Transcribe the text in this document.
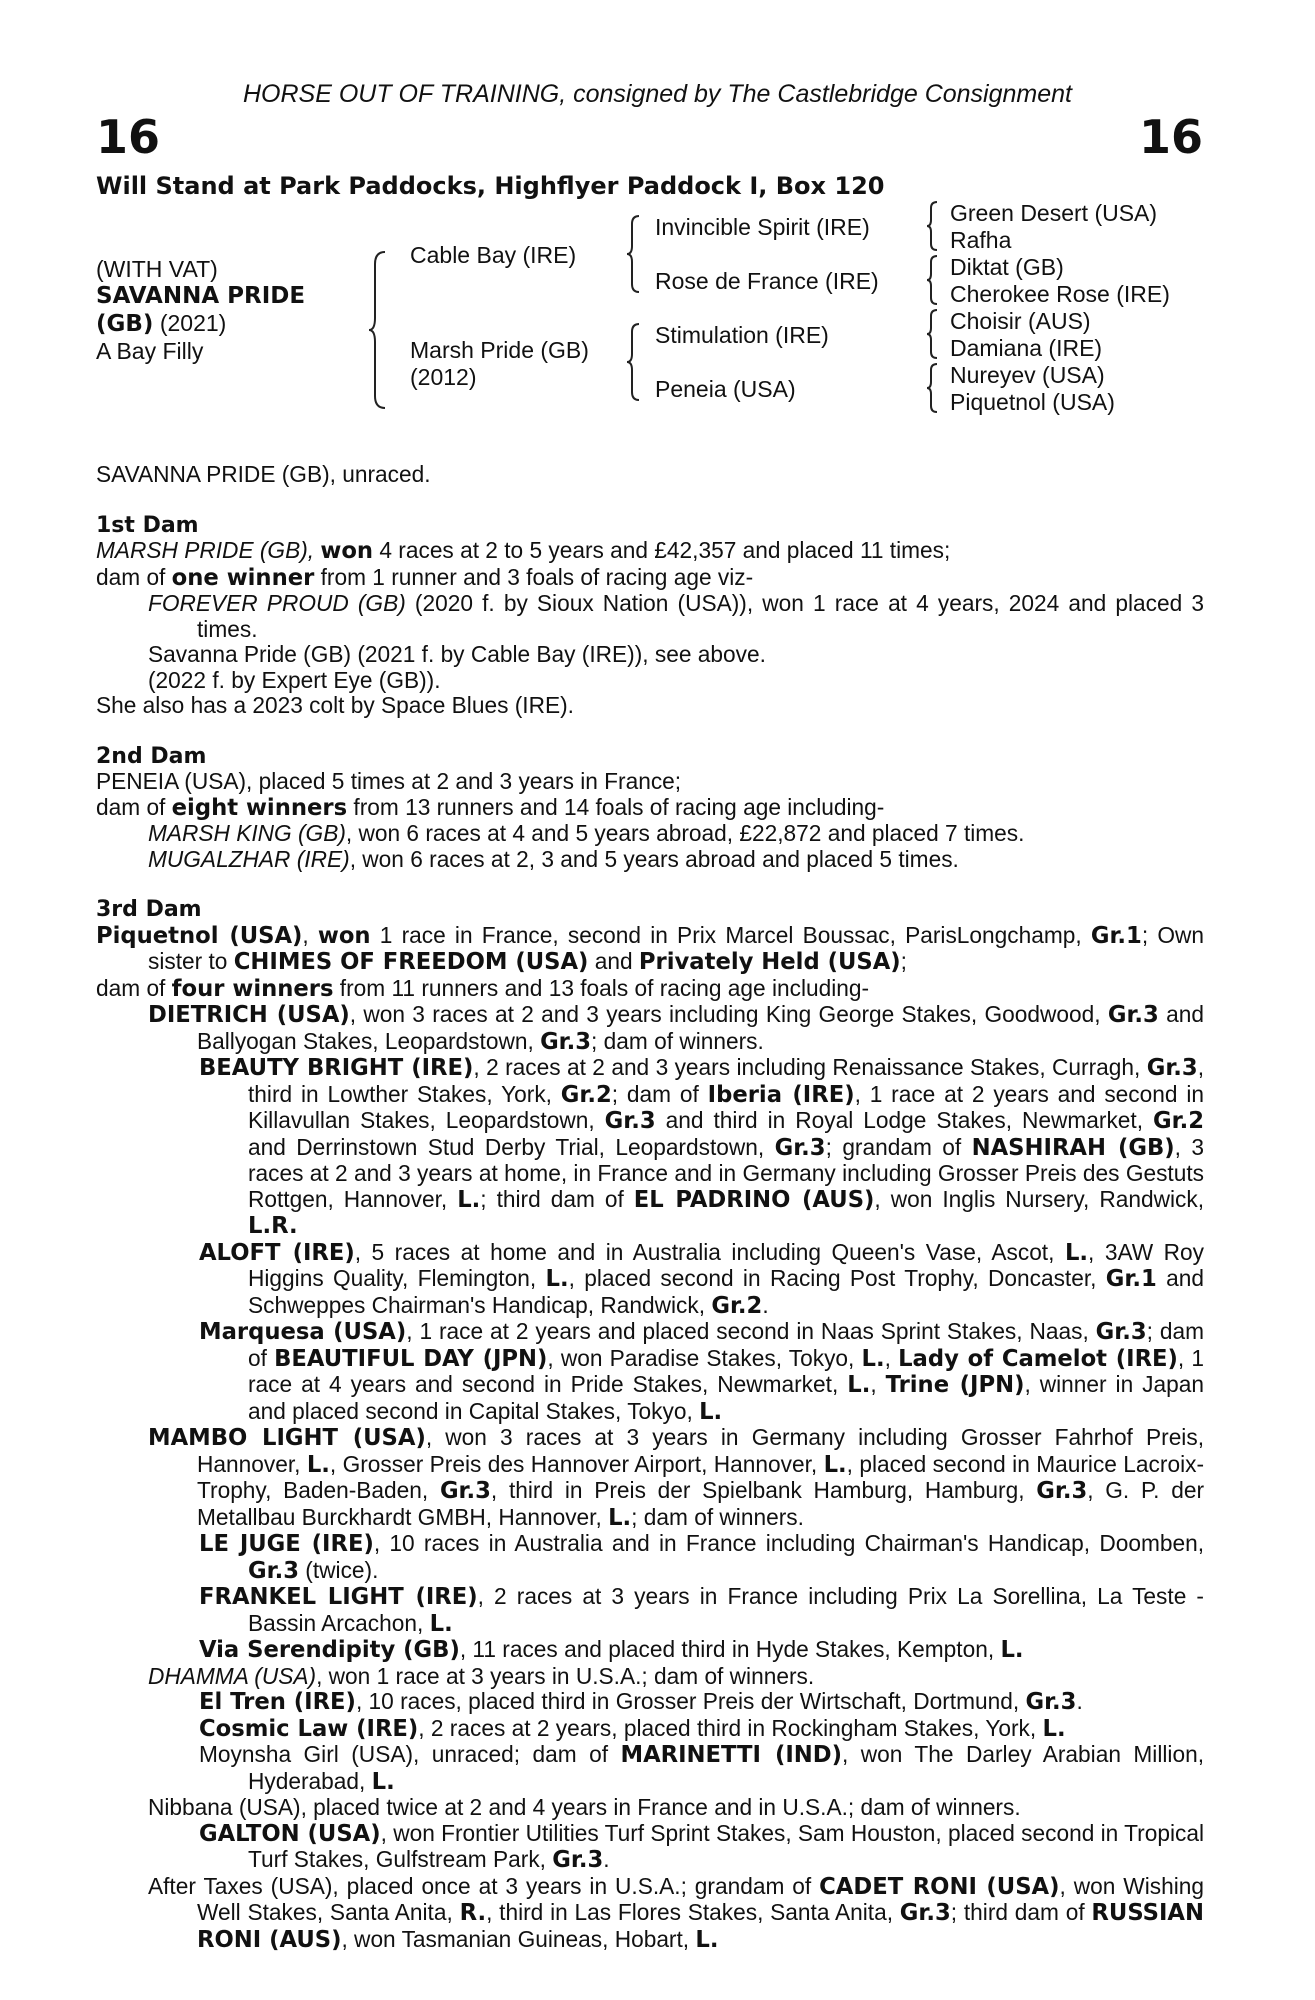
HORSE OUT OF TRAINING, consigned by The Castlebridge Consignment
16	16
Will Stand at Park Paddocks, Highflyer Paddock I, Box 120
(WITH VAT)
SAVANNA PRIDE
(GB) (2021)
A Bay Filly
Cable Bay (IRE)
Marsh Pride (GB)
(2012)
Invincible Spirit (IRE)
Rose de France (IRE)
Stimulation (IRE)
Peneia (USA)
Green Desert (USA)
Rafha
Diktat (GB)
Cherokee Rose (IRE)
Choisir (AUS)
Damiana (IRE)
Nureyev (USA)
Piquetnol (USA)

SAVANNA PRIDE (GB), unraced.

1st Dam

MARSH PRIDE (GB), won 4 races at 2 to 5 years and £42,357 and placed 11 times;

dam of one winner from 1 runner and 3 foals of racing age viz-

FOREVER PROUD (GB) (2020 f. by Sioux Nation (USA)), won 1 race at 4 years, 2024 and placed 3 times.

Savanna Pride (GB) (2021 f. by Cable Bay (IRE)), see above.

(2022 f. by Expert Eye (GB)).

She also has a 2023 colt by Space Blues (IRE).

2nd Dam

PENEIA (USA), placed 5 times at 2 and 3 years in France;

dam of eight winners from 13 runners and 14 foals of racing age including-

MARSH KING (GB), won 6 races at 4 and 5 years abroad, £22,872 and placed 7 times.

MUGALZHAR (IRE), won 6 races at 2, 3 and 5 years abroad and placed 5 times.

3rd Dam

Piquetnol (USA), won 1 race in France, second in Prix Marcel Boussac, ParisLongchamp, Gr.1; Own sister to CHIMES OF FREEDOM (USA) and Privately Held (USA);

dam of four winners from 11 runners and 13 foals of racing age including-

DIETRICH (USA), won 3 races at 2 and 3 years including King George Stakes, Goodwood, Gr.3 and Ballyogan Stakes, Leopardstown, Gr.3; dam of winners.

BEAUTY BRIGHT (IRE), 2 races at 2 and 3 years including Renaissance Stakes, Curragh, Gr.3, third in Lowther Stakes, York, Gr.2; dam of Iberia (IRE), 1 race at 2 years and second in Killavullan Stakes, Leopardstown, Gr.3 and third in Royal Lodge Stakes, Newmarket, Gr.2 and Derrinstown Stud Derby Trial, Leopardstown, Gr.3; grandam of NASHIRAH (GB), 3 races at 2 and 3 years at home, in France and in Germany including Grosser Preis des Gestuts Rottgen, Hannover, L.; third dam of EL PADRINO (AUS), won Inglis Nursery, Randwick, L.R.

ALOFT (IRE), 5 races at home and in Australia including Queen's Vase, Ascot, L., 3AW Roy Higgins Quality, Flemington, L., placed second in Racing Post Trophy, Doncaster, Gr.1 and Schweppes Chairman's Handicap, Randwick, Gr.2.

Marquesa (USA), 1 race at 2 years and placed second in Naas Sprint Stakes, Naas, Gr.3; dam of BEAUTIFUL DAY (JPN), won Paradise Stakes, Tokyo, L., Lady of Camelot (IRE), 1 race at 4 years and second in Pride Stakes, Newmarket, L., Trine (JPN), winner in Japan and placed second in Capital Stakes, Tokyo, L.

MAMBO LIGHT (USA), won 3 races at 3 years in Germany including Grosser Fahrhof Preis, Hannover, L., Grosser Preis des Hannover Airport, Hannover, L., placed second in Maurice Lacroix-Trophy, Baden-Baden, Gr.3, third in Preis der Spielbank Hamburg, Hamburg, Gr.3, G. P. der Metallbau Burckhardt GMBH, Hannover, L.; dam of winners.

LE JUGE (IRE), 10 races in Australia and in France including Chairman's Handicap, Doomben, Gr.3 (twice).

FRANKEL LIGHT (IRE), 2 races at 3 years in France including Prix La Sorellina, La Teste - Bassin Arcachon, L.

Via Serendipity (GB), 11 races and placed third in Hyde Stakes, Kempton, L.

DHAMMA (USA), won 1 race at 3 years in U.S.A.; dam of winners.

El Tren (IRE), 10 races, placed third in Grosser Preis der Wirtschaft, Dortmund, Gr.3.

Cosmic Law (IRE), 2 races at 2 years, placed third in Rockingham Stakes, York, L.

Moynsha Girl (USA), unraced; dam of MARINETTI (IND), won The Darley Arabian Million, Hyderabad, L.

Nibbana (USA), placed twice at 2 and 4 years in France and in U.S.A.; dam of winners.

GALTON (USA), won Frontier Utilities Turf Sprint Stakes, Sam Houston, placed second in Tropical Turf Stakes, Gulfstream Park, Gr.3.

After Taxes (USA), placed once at 3 years in U.S.A.; grandam of CADET RONI (USA), won Wishing Well Stakes, Santa Anita, R., third in Las Flores Stakes, Santa Anita, Gr.3; third dam of RUSSIAN RONI (AUS), won Tasmanian Guineas, Hobart, L.
